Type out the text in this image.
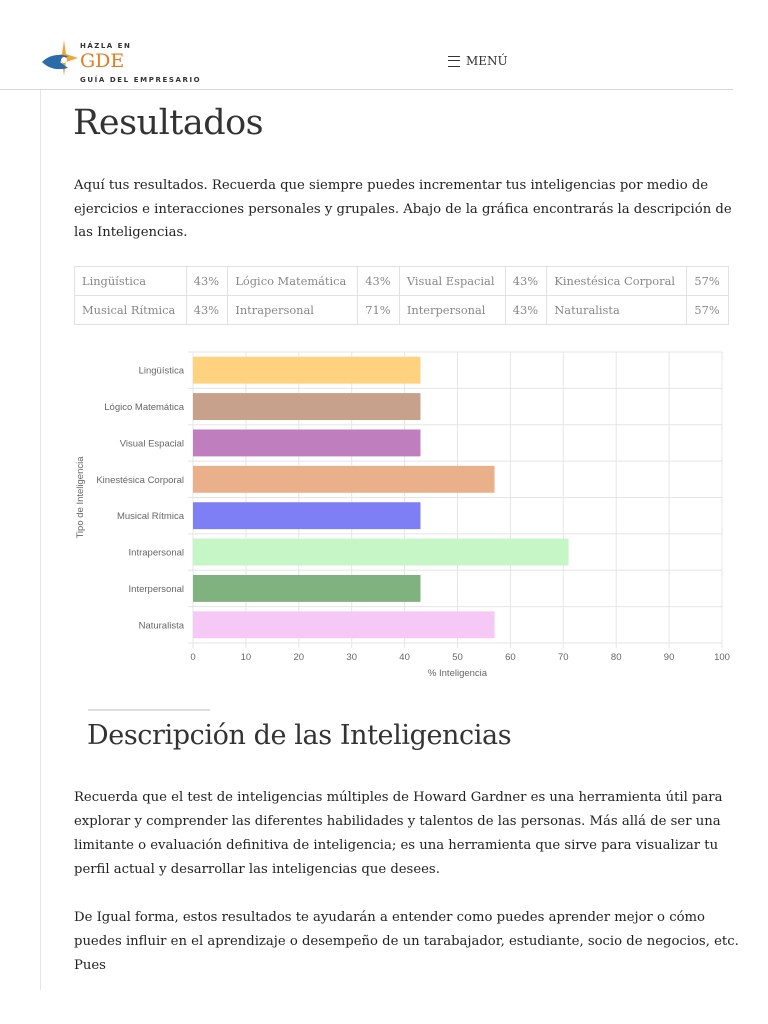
HÁZLA EN
GDE
GUÍA DEL EMPRESARIO
MENÚ
Resultados

Aquí tus resultados. Recuerda que siempre puedes incrementar tus inteligencias por medio de ejercicios e interacciones personales y grupales. Abajo de la gráfica encontrarás la descripción de las Inteligencias.

Lingüística	43%	Lógico Matemática	43%	Visual Espacial	43%	Kinestésica Corporal	57%
Musical Rítmica	43%	Intrapersonal	71%	Interpersonal	43%	Naturalista	57%
0	10	20	30	40	50	60	70	80	90	100
Lingüística
Lógico Matemática
Visual Espacial
Kinestésica Corporal
Musical Rítmica
Intrapersonal
Interpersonal
Naturalista
% Inteligencia
Tipo de Inteligencia
Descripción de las Inteligencias

Recuerda que el test de inteligencias múltiples de Howard Gardner es una herramienta útil para explorar y comprender las diferentes habilidades y talentos de las personas. Más allá de ser una limitante o evaluación definitiva de inteligencia; es una herramienta que sirve para visualizar tu perfil actual y desarrollar las inteligencias que desees.

De Igual forma, estos resultados te ayudarán a entender como puedes aprender mejor o cómo puedes influir en el aprendizaje o desempeño de un tarabajador, estudiante, socio de negocios, etc. Pues
